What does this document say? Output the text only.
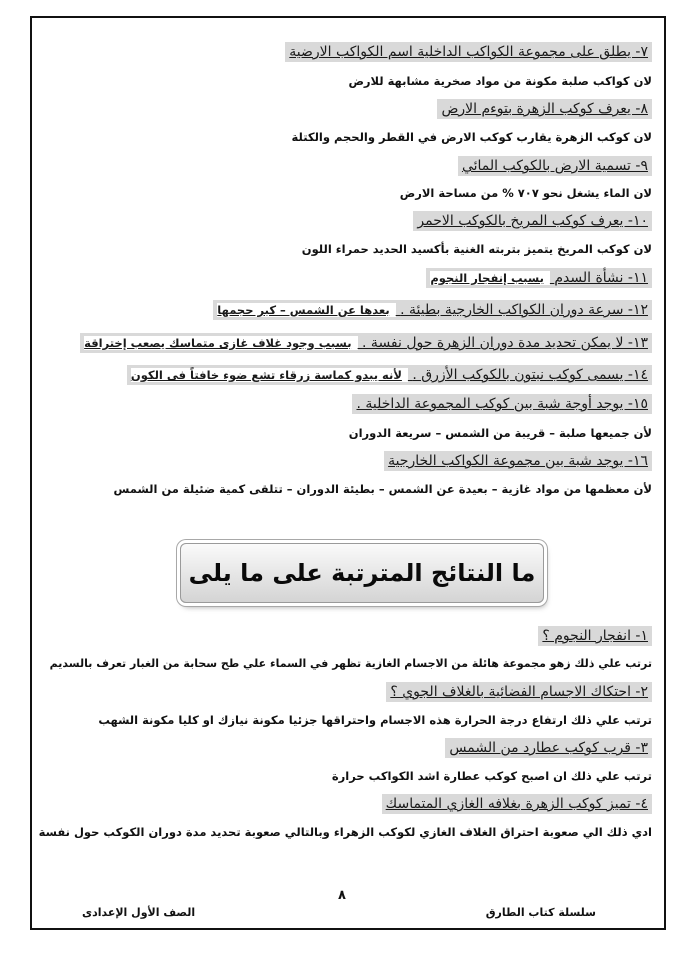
٧- يطلق على مجموعة الكواكب الداخلية اسم الكواكب الارضية
لان كواكب صلبة مكونة من مواد صخرية مشابهة للارض
٨- يعرف كوكب الزهرة بتوءم الارض
لان كوكب الزهرة يقارب كوكب الارض في القطر والحجم والكتلة
٩- تسمية الارض بالكوكب المائي
لان الماء يشغل نحو ٧٠٧ % من مساحة الارض
١٠- يعرف كوكب المريخ بالكوكب الاحمر
لان كوكب المريخ يتميز بتربته الغنية بأكسيد الحديد حمراء اللون
١١- نشأة السدم بسبب إنفجار النجوم
١٢- سرعة دوران الكواكب الخارجية بطيئة . بعدها عن الشمس – كبر حجمها
١٣- لا يمكن تحديد مدة دوران الزهرة حول نفسة . بسبب وجود غلاف غازى متماسك يصعب إختراقة
١٤- يسمى كوكب نبتون بالكوكب الأزرق . لأنه يبدو كماسة زرقاء تشع ضوء خافتاً فى الكون
١٥- يوجد أوجة شبة بين كوكب المجموعة الداخلية .
لأن جميعها صلبة – قريبة من الشمس – سريعة الدوران
١٦- يوجد شبة بين مجموعة الكواكب الخارجية
لأن معظمها من مواد غازية – بعيدة عن الشمس – بطيئة الدوران – تتلقى كمية ضئيلة من الشمس
ما النتائج المترتبة على ما يلى
١- انفجار النجوم ؟
ترتب علي ذلك زهو مجموعة هائلة من الاجسام الغازية تظهر في السماء علي طح سحابة من الغبار تعرف بالسديم
٢- احتكاك الاجسام الفضائية بالغلاف الجوي ؟
ترتب علي ذلك ارتفاع درجة الحرارة هذه الاجسام واحتراقها جزئيا مكونة نيازك او كليا مكونة الشهب
٣- قرب كوكب عطارد من الشمس
ترتب علي ذلك ان اصبح كوكب عطارة اشد الكواكب حرارة
٤- تميز كوكب الزهرة بغلافه الغازي المتماسك
ادي ذلك الي صعوبة احتراق الغلاف الغازي لكوكب الزهراء وبالتالي صعوبة تحديد مدة دوران الكوكب حول نفسة
٨
سلسلة كتاب الطارق
الصف الأول الإعدادى
